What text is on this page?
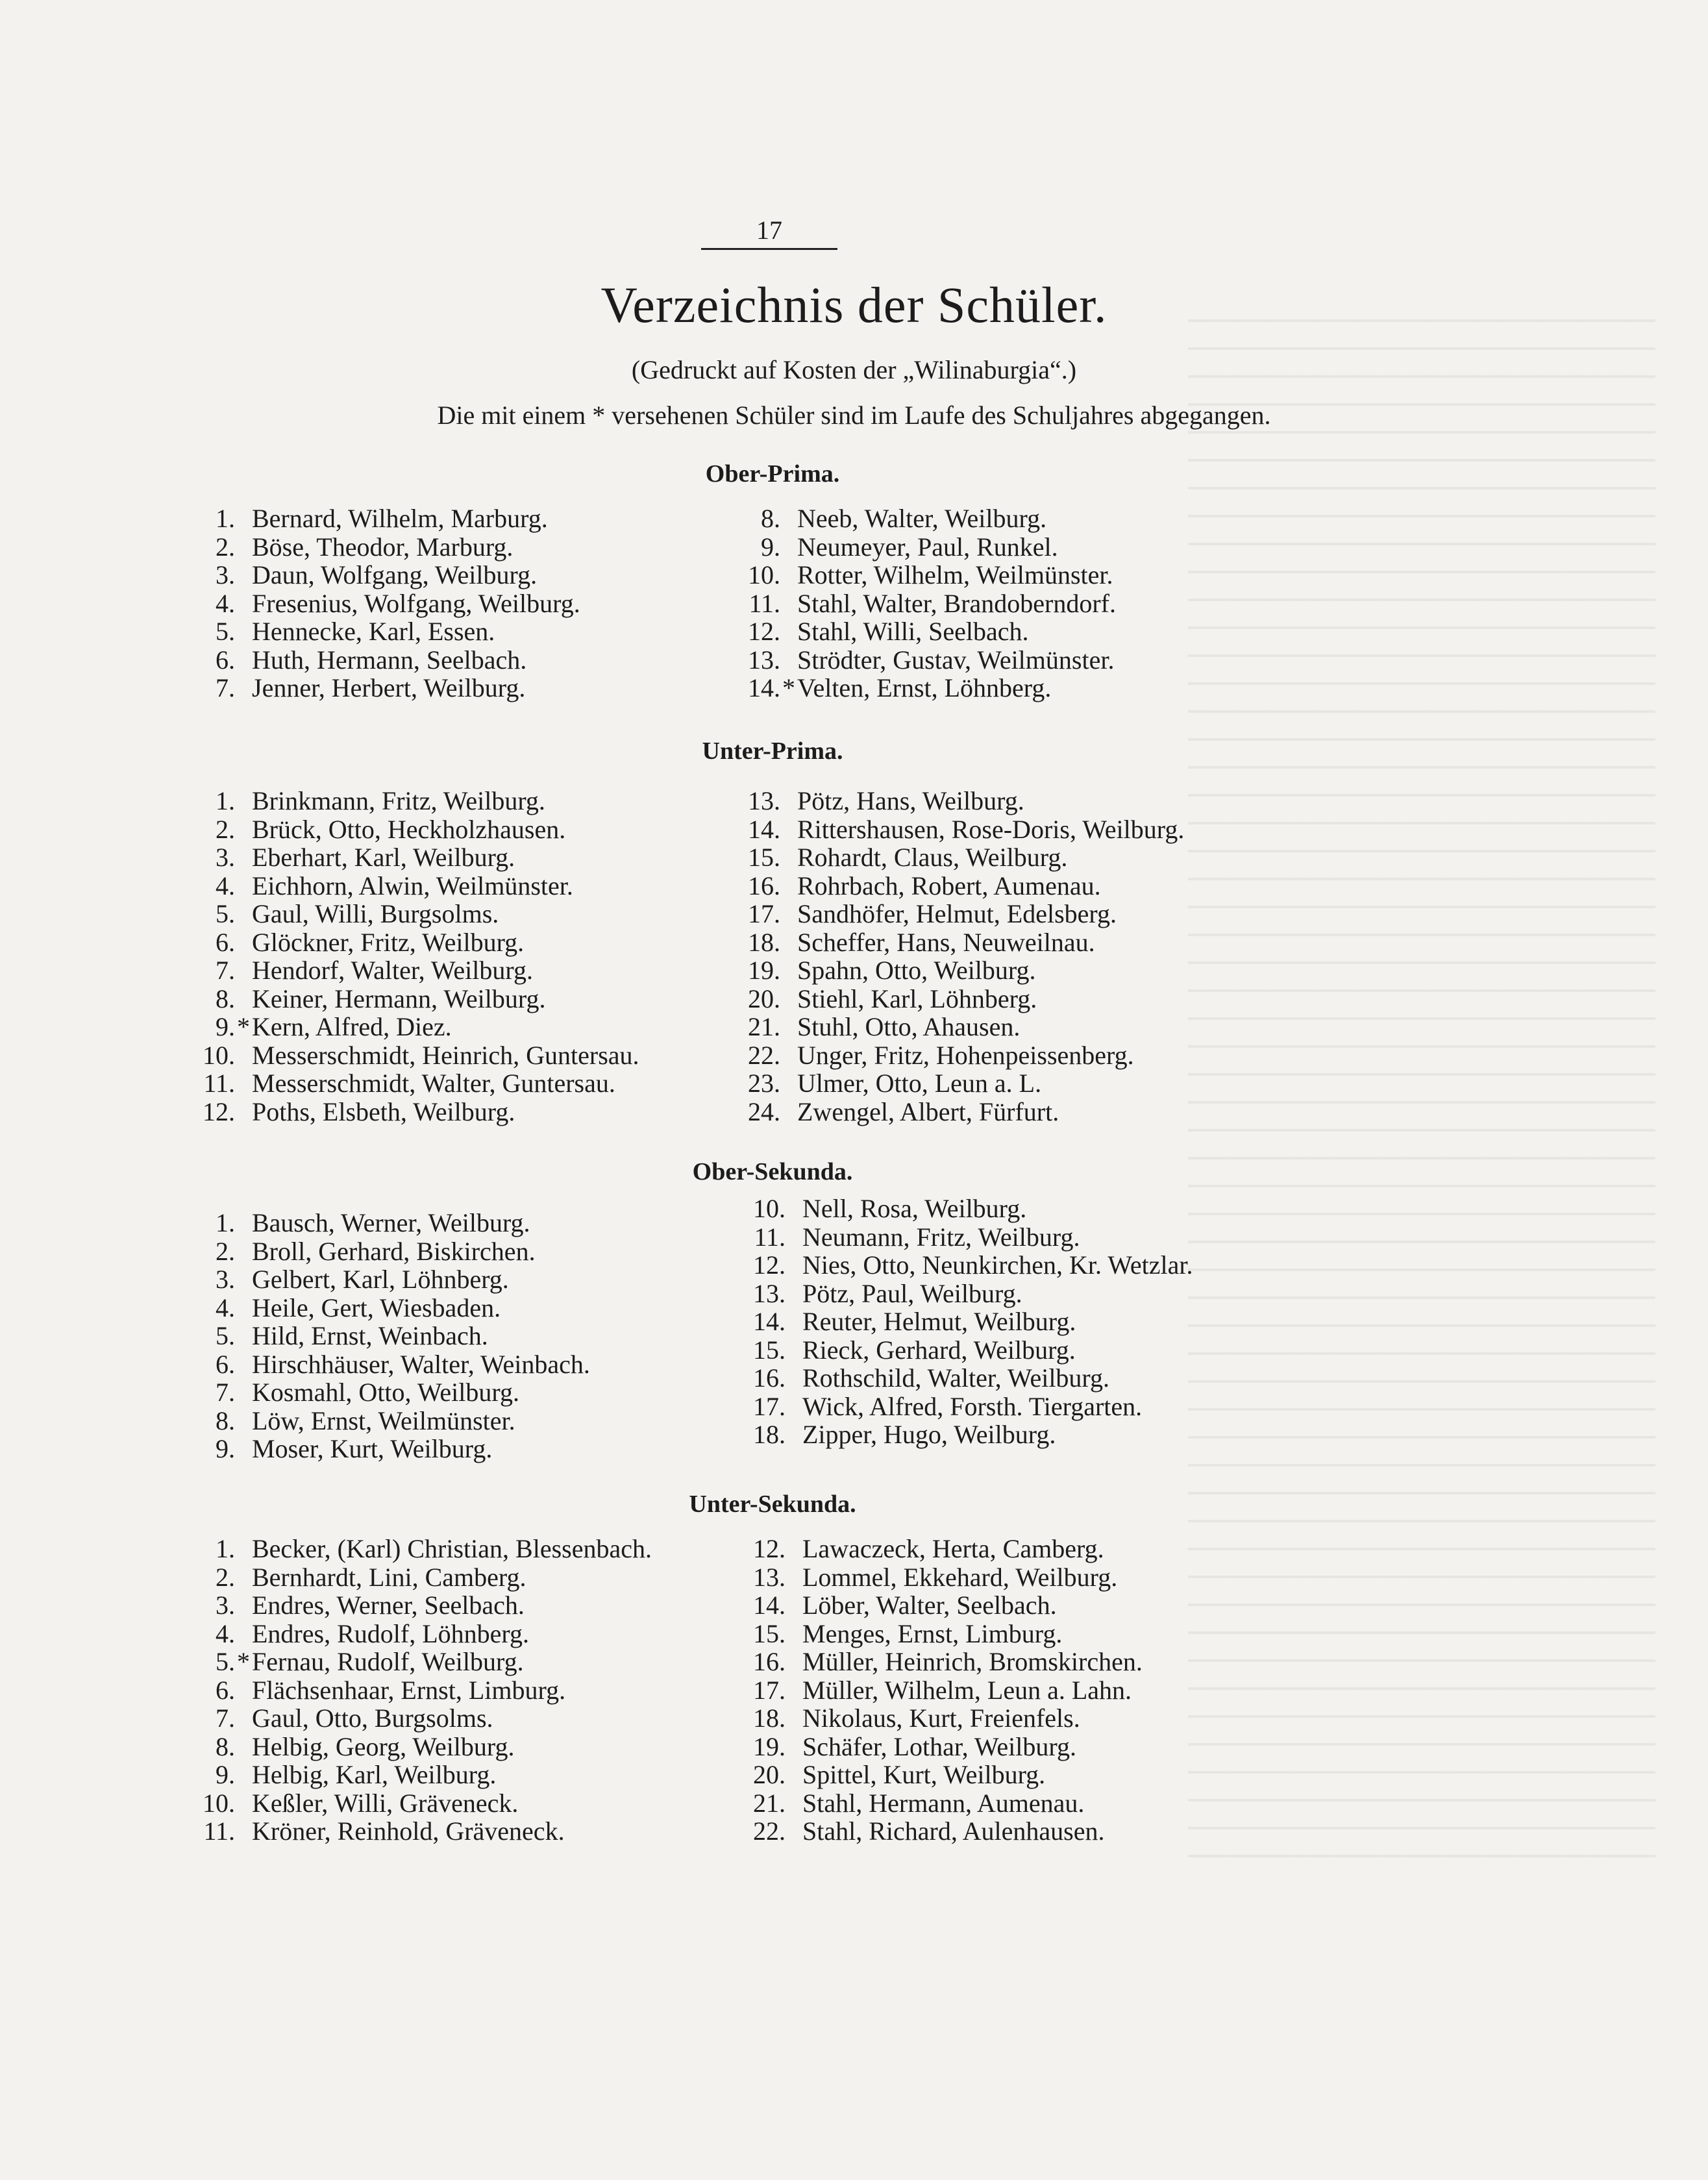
17
Verzeichnis der Schüler.
(Gedruckt auf Kosten der „Wilinaburgia“.)
Die mit einem * versehenen Schüler sind im Laufe des Schuljahres abgegangen.
Ober-Prima.
1. Bernard, Wilhelm, Marburg.
2. Böse, Theodor, Marburg.
3. Daun, Wolfgang, Weilburg.
4. Fresenius, Wolfgang, Weilburg.
5. Hennecke, Karl, Essen.
6. Huth, Hermann, Seelbach.
7. Jenner, Herbert, Weilburg.
8. Neeb, Walter, Weilburg.
9. Neumeyer, Paul, Runkel.
10. Rotter, Wilhelm, Weilmünster.
11. Stahl, Walter, Brandoberndorf.
12. Stahl, Willi, Seelbach.
13. Strödter, Gustav, Weilmünster.
14.*Velten, Ernst, Löhnberg.
Unter-Prima.
1. Brinkmann, Fritz, Weilburg.
2. Brück, Otto, Heckholzhausen.
3. Eberhart, Karl, Weilburg.
4. Eichhorn, Alwin, Weilmünster.
5. Gaul, Willi, Burgsolms.
6. Glöckner, Fritz, Weilburg.
7. Hendorf, Walter, Weilburg.
8. Keiner, Hermann, Weilburg.
9.*Kern, Alfred, Diez.
10. Messerschmidt, Heinrich, Guntersau.
11. Messerschmidt, Walter, Guntersau.
12. Poths, Elsbeth, Weilburg.
13. Pötz, Hans, Weilburg.
14. Rittershausen, Rose-Doris, Weilburg.
15. Rohardt, Claus, Weilburg.
16. Rohrbach, Robert, Aumenau.
17. Sandhöfer, Helmut, Edelsberg.
18. Scheffer, Hans, Neuweilnau.
19. Spahn, Otto, Weilburg.
20. Stiehl, Karl, Löhnberg.
21. Stuhl, Otto, Ahausen.
22. Unger, Fritz, Hohenpeissenberg.
23. Ulmer, Otto, Leun a. L.
24. Zwengel, Albert, Fürfurt.
Ober-Sekunda.
1. Bausch, Werner, Weilburg.
2. Broll, Gerhard, Biskirchen.
3. Gelbert, Karl, Löhnberg.
4. Heile, Gert, Wiesbaden.
5. Hild, Ernst, Weinbach.
6. Hirschhäuser, Walter, Weinbach.
7. Kosmahl, Otto, Weilburg.
8. Löw, Ernst, Weilmünster.
9. Moser, Kurt, Weilburg.
10. Nell, Rosa, Weilburg.
11. Neumann, Fritz, Weilburg.
12. Nies, Otto, Neunkirchen, Kr. Wetzlar.
13. Pötz, Paul, Weilburg.
14. Reuter, Helmut, Weilburg.
15. Rieck, Gerhard, Weilburg.
16. Rothschild, Walter, Weilburg.
17. Wick, Alfred, Forsth. Tiergarten.
18. Zipper, Hugo, Weilburg.
Unter-Sekunda.
1. Becker, (Karl) Christian, Blessenbach.
2. Bernhardt, Lini, Camberg.
3. Endres, Werner, Seelbach.
4. Endres, Rudolf, Löhnberg.
5.*Fernau, Rudolf, Weilburg.
6. Flächsenhaar, Ernst, Limburg.
7. Gaul, Otto, Burgsolms.
8. Helbig, Georg, Weilburg.
9. Helbig, Karl, Weilburg.
10. Keßler, Willi, Gräveneck.
11. Kröner, Reinhold, Gräveneck.
12. Lawaczeck, Herta, Camberg.
13. Lommel, Ekkehard, Weilburg.
14. Löber, Walter, Seelbach.
15. Menges, Ernst, Limburg.
16. Müller, Heinrich, Bromskirchen.
17. Müller, Wilhelm, Leun a. Lahn.
18. Nikolaus, Kurt, Freienfels.
19. Schäfer, Lothar, Weilburg.
20. Spittel, Kurt, Weilburg.
21. Stahl, Hermann, Aumenau.
22. Stahl, Richard, Aulenhausen.
